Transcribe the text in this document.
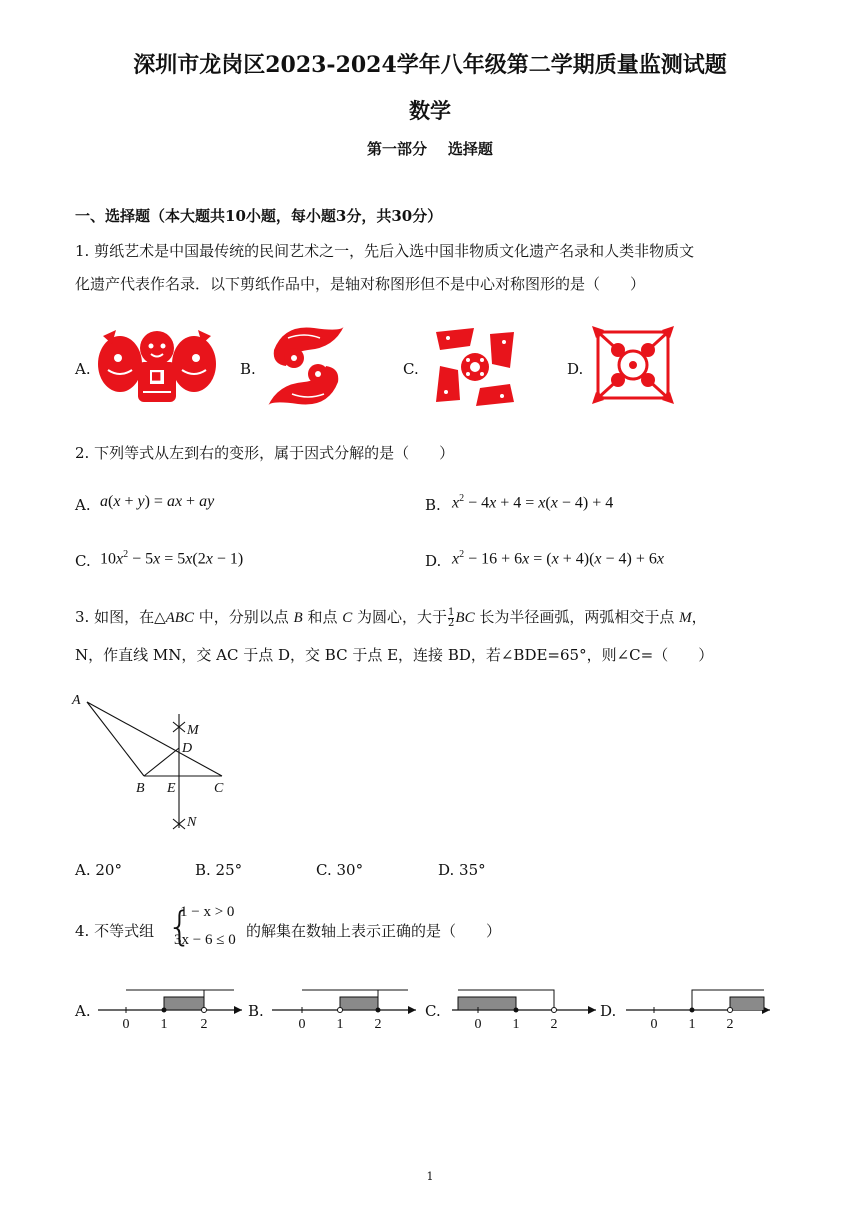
深圳市龙岗区2023-2024学年八年级第二学期质量监测试题
数学
第一部分    选择题
一、选择题（本大题共10小题，每小题3分，共30分）
1. 剪纸艺术是中国最传统的民间艺术之一，先后入选中国非物质文化遗产名录和人类非物质文
化遗产代表作名录．以下剪纸作品中，是轴对称图形但不是中心对称图形的是（　　）
A.	B.	C.	D.
2. 下列等式从左到右的变形，属于因式分解的是（　　）
A. a(x + y) = ax + ay	B. $x^2 - 4x + 4 = x(x - 4) + 4$
C. $10x^2 - 5x = 5x(2x - 1)$	D. $x^2 - 16 + 6x = (x + 4)(x - 4) + 6x$
3. 如图，在△ABC 中，分别以点 B 和点 C 为圆心，大于 $\frac{1}{2}$ BC 长为半径画弧，两弧相交于点 M，
N，作直线 MN，交 AC 于点 D，交 BC 于点 E，连接 BD，若∠BDE=65°，则∠C=（　　）
A
B	C
D
E
M
N
A. 20°	B. 25°	C. 30°	D. 35°
4. 不等式组 {
1 − x > 0
3x − 6 ≤ 0 的解集在数轴上表示正确的是（　　）
A.	B.	C.	D.
0 1 2	0 1 2	0 1 2	0 1 2
1
